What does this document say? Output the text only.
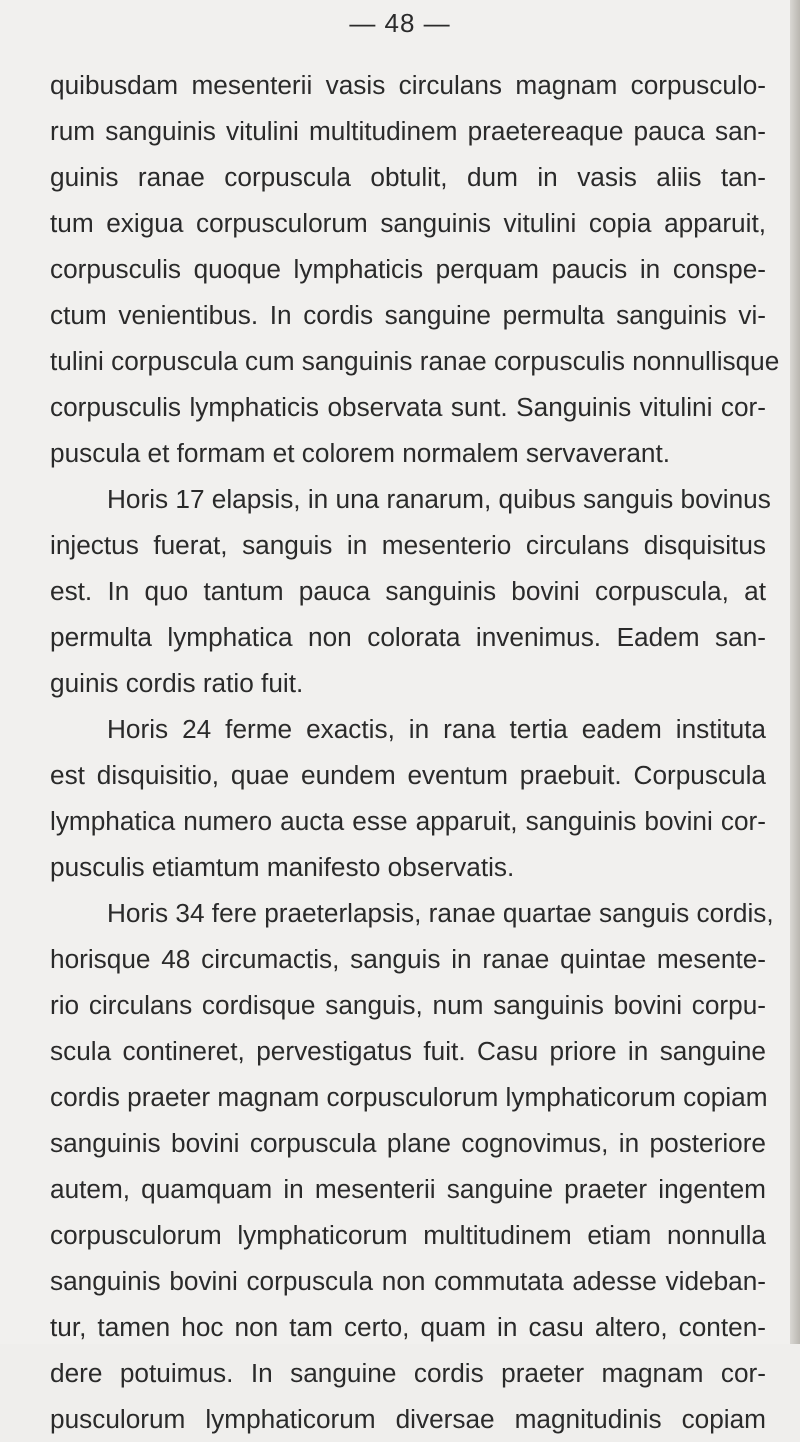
— 48 —
quibusdam mesenterii vasis circulans magnam corpusculo-
rum sanguinis vitulini multitudinem praetereaque pauca san-
guinis ranae corpuscula obtulit, dum in vasis aliis tan-
tum exigua corpusculorum sanguinis vitulini copia apparuit,
corpusculis quoque lymphaticis perquam paucis in conspe-
ctum venientibus. In cordis sanguine permulta sanguinis vi-
tulini corpuscula cum sanguinis ranae corpusculis nonnullisque
corpusculis lymphaticis observata sunt. Sanguinis vitulini cor-
puscula et formam et colorem normalem servaverant.
Horis 17 elapsis, in una ranarum, quibus sanguis bovinus
injectus fuerat, sanguis in mesenterio circulans disquisitus
est. In quo tantum pauca sanguinis bovini corpuscula, at
permulta lymphatica non colorata invenimus. Eadem san-
guinis cordis ratio fuit.
Horis 24 ferme exactis, in rana tertia eadem instituta
est disquisitio, quae eundem eventum praebuit. Corpuscula
lymphatica numero aucta esse apparuit, sanguinis bovini cor-
pusculis etiamtum manifesto observatis.
Horis 34 fere praeterlapsis, ranae quartae sanguis cordis,
horisque 48 circumactis, sanguis in ranae quintae mesente-
rio circulans cordisque sanguis, num sanguinis bovini corpu-
scula contineret, pervestigatus fuit. Casu priore in sanguine
cordis praeter magnam corpusculorum lymphaticorum copiam
sanguinis bovini corpuscula plane cognovimus, in posteriore
autem, quamquam in mesenterii sanguine praeter ingentem
corpusculorum lymphaticorum multitudinem etiam nonnulla
sanguinis bovini corpuscula non commutata adesse videban-
tur, tamen hoc non tam certo, quam in casu altero, conten-
dere potuimus. In sanguine cordis praeter magnam cor-
pusculorum lymphaticorum diversae magnitudinis copiam
